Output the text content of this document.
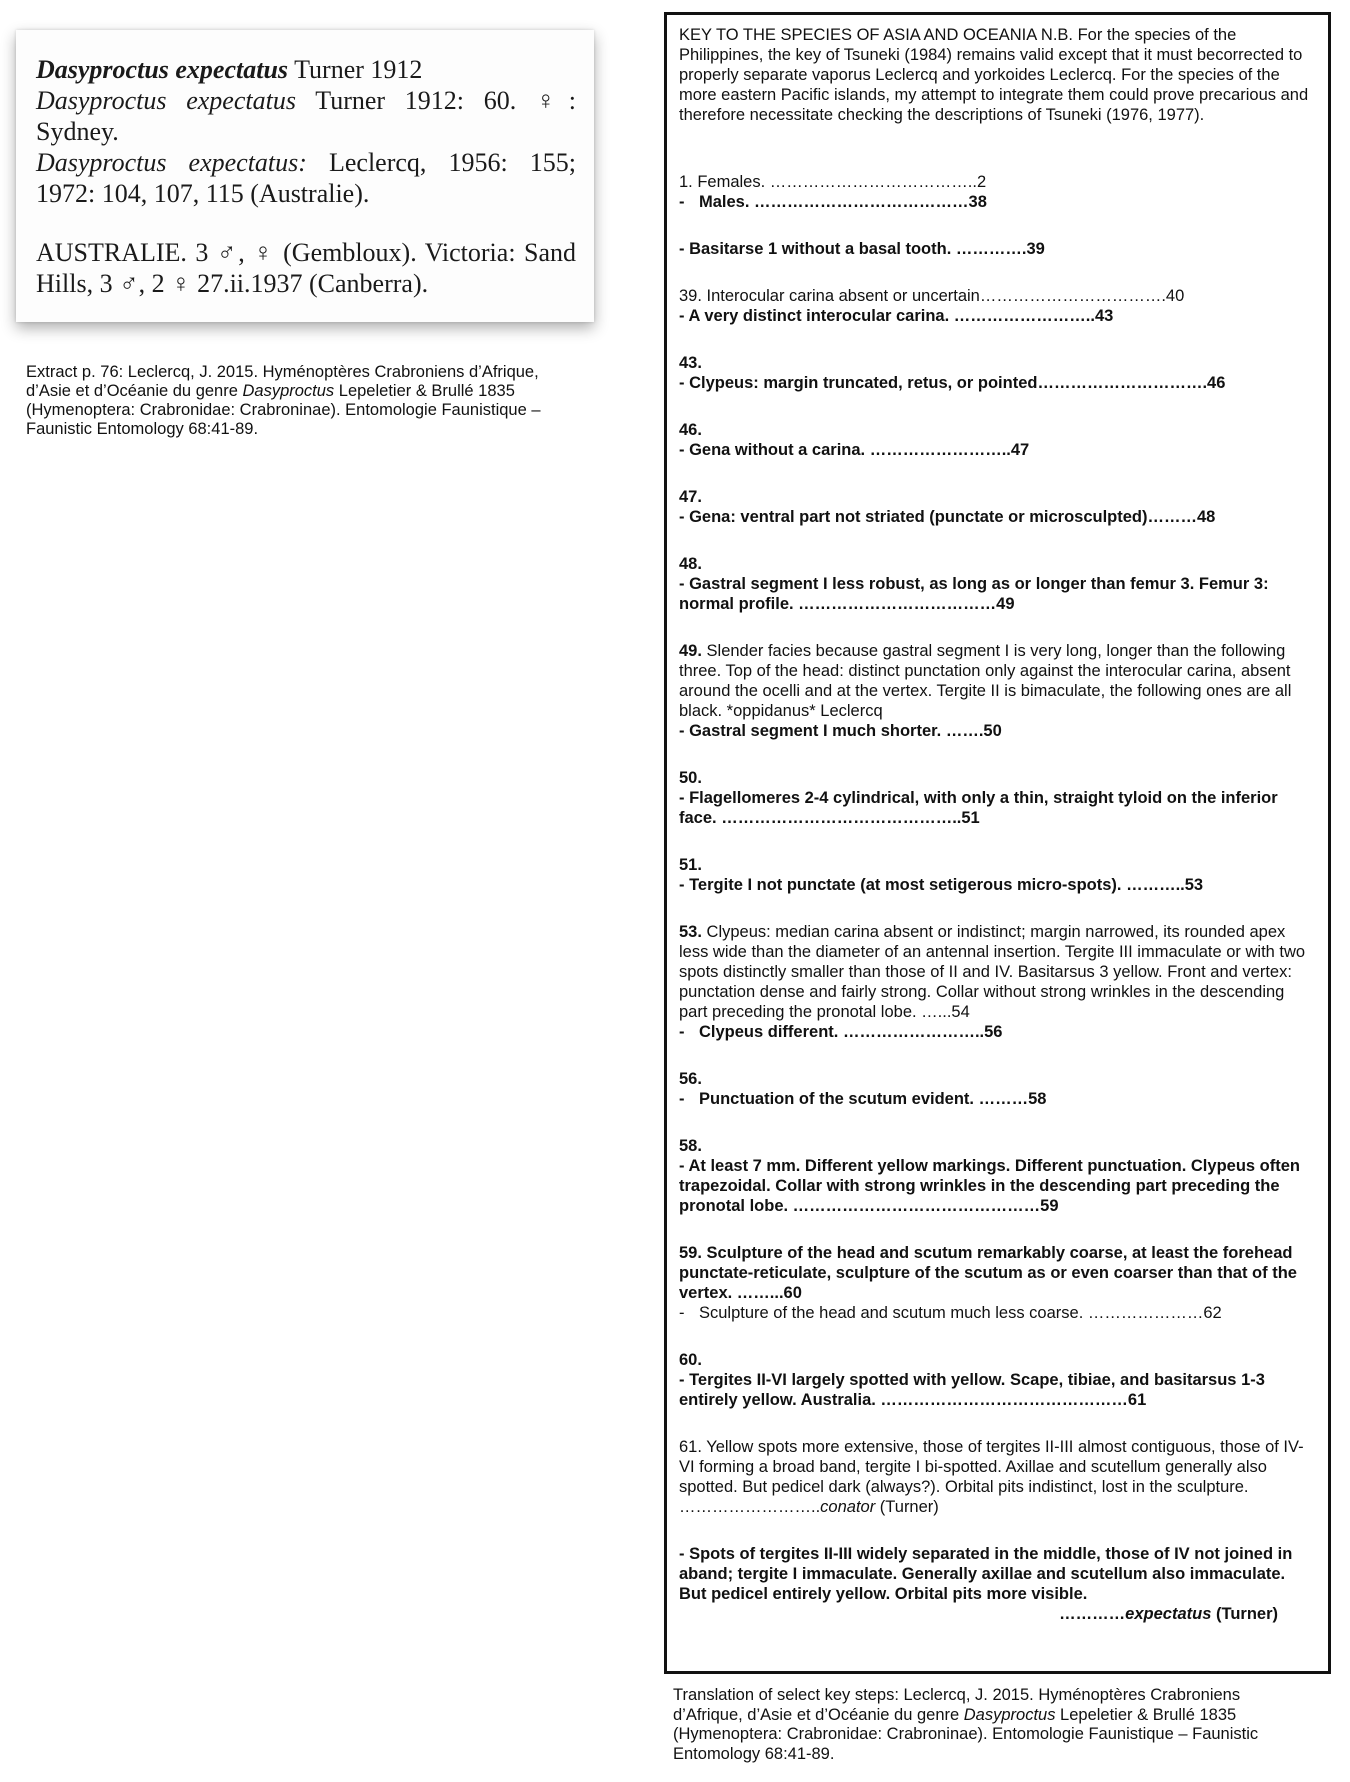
Dasyproctus expectatus Turner 1912

Dasyproctus expectatus Turner 1912: 60. ♀:

Sydney.

Dasyproctus expectatus: Leclercq, 1956: 155;

1972: 104, 107, 115 (Australie).

AUSTRALIE. 3 ♂, ♀ (Gembloux). Victoria: Sand

Hills, 3 ♂, 2 ♀ 27.ii.1937 (Canberra).

Extract p. 76: Leclercq, J. 2015. Hyménoptères Crabroniens d’Afrique, d’Asie et d’Océanie du genre Dasyproctus Lepeletier & Brullé 1835 (Hymenoptera: Crabronidae: Crabroninae). Entomologie Faunistique – Faunistic Entomology 68:41-89.

KEY TO THE SPECIES OF ASIA AND OCEANIA N.B. For the species of the Philippines, the key of Tsuneki (1984) remains valid except that it must becorrected to properly separate vaporus Leclercq and yorkoides Leclercq. For the species of the more eastern Pacific islands, my attempt to integrate them could prove precarious and therefore necessitate checking the descriptions of Tsuneki (1976, 1977).

1. Females. ………………………………..2

‑ Males. …………………………………38

- Basitarse 1 without a basal tooth. ………….39

39. Interocular carina absent or uncertain…………………………….40

- A very distinct interocular carina. ……………………..43

43.

- Clypeus: margin truncated, retus, or pointed………………………….46

46.

- Gena without a carina. ……………………..47

47.

- Gena: ventral part not striated (punctate or microsculpted)………48

48.

- Gastral segment I less robust, as long as or longer than femur 3. Femur 3: normal profile. ………………………………49

49. Slender facies because gastral segment I is very long, longer than the following three. Top of the head: distinct punctation only against the interocular carina, absent around the ocelli and at the vertex. Tergite II is bimaculate, the following ones are all black. *oppidanus* Leclercq

- Gastral segment I much shorter. …….50

50.

- Flagellomeres 2-4 cylindrical, with only a thin, straight tyloid on the inferior face. ……………………………………..51

51.

- Tergite I not punctate (at most setigerous micro-spots). ………..53

53. Clypeus: median carina absent or indistinct; margin narrowed, its rounded apex less wide than the diameter of an antennal insertion. Tergite III immaculate or with two spots distinctly smaller than those of II and IV. Basitarsus 3 yellow. Front and vertex: punctation dense and fairly strong. Collar without strong wrinkles in the descending part preceding the pronotal lobe. …...54

‑ Clypeus different. ……………………..56

56.

‑ Punctuation of the scutum evident. ………58

58.

- At least 7 mm. Different yellow markings. Different punctuation. Clypeus often trapezoidal. Collar with strong wrinkles in the descending part preceding the pronotal lobe. ………………………………………59

59. Sculpture of the head and scutum remarkably coarse, at least the forehead punctate-reticulate, sculpture of the scutum as or even coarser than that of the vertex. ……...60

‑ Sculpture of the head and scutum much less coarse. …………………62

60.

- Tergites II-VI largely spotted with yellow. Scape, tibiae, and basitarsus 1-3 entirely yellow. Australia. ………………………………………61

61. Yellow spots more extensive, those of tergites II-III almost contiguous, those of IV-VI forming a broad band, tergite I bi-spotted. Axillae and scutellum generally also spotted. But pedicel dark (always?). Orbital pits indistinct, lost in the sculpture.……………………..conator (Turner)

- Spots of tergites II-III widely separated in the middle, those of IV not joined in aband; tergite I immaculate. Generally axillae and scutellum also immaculate. But pedicel entirely yellow. Orbital pits more visible.

…………expectatus (Turner)

Translation of select key steps: Leclercq, J. 2015. Hyménoptères Crabroniens d’Afrique, d’Asie et d’Océanie du genre Dasyproctus Lepeletier & Brullé 1835 (Hymenoptera: Crabronidae: Crabroninae). Entomologie Faunistique – Faunistic Entomology 68:41-89.
